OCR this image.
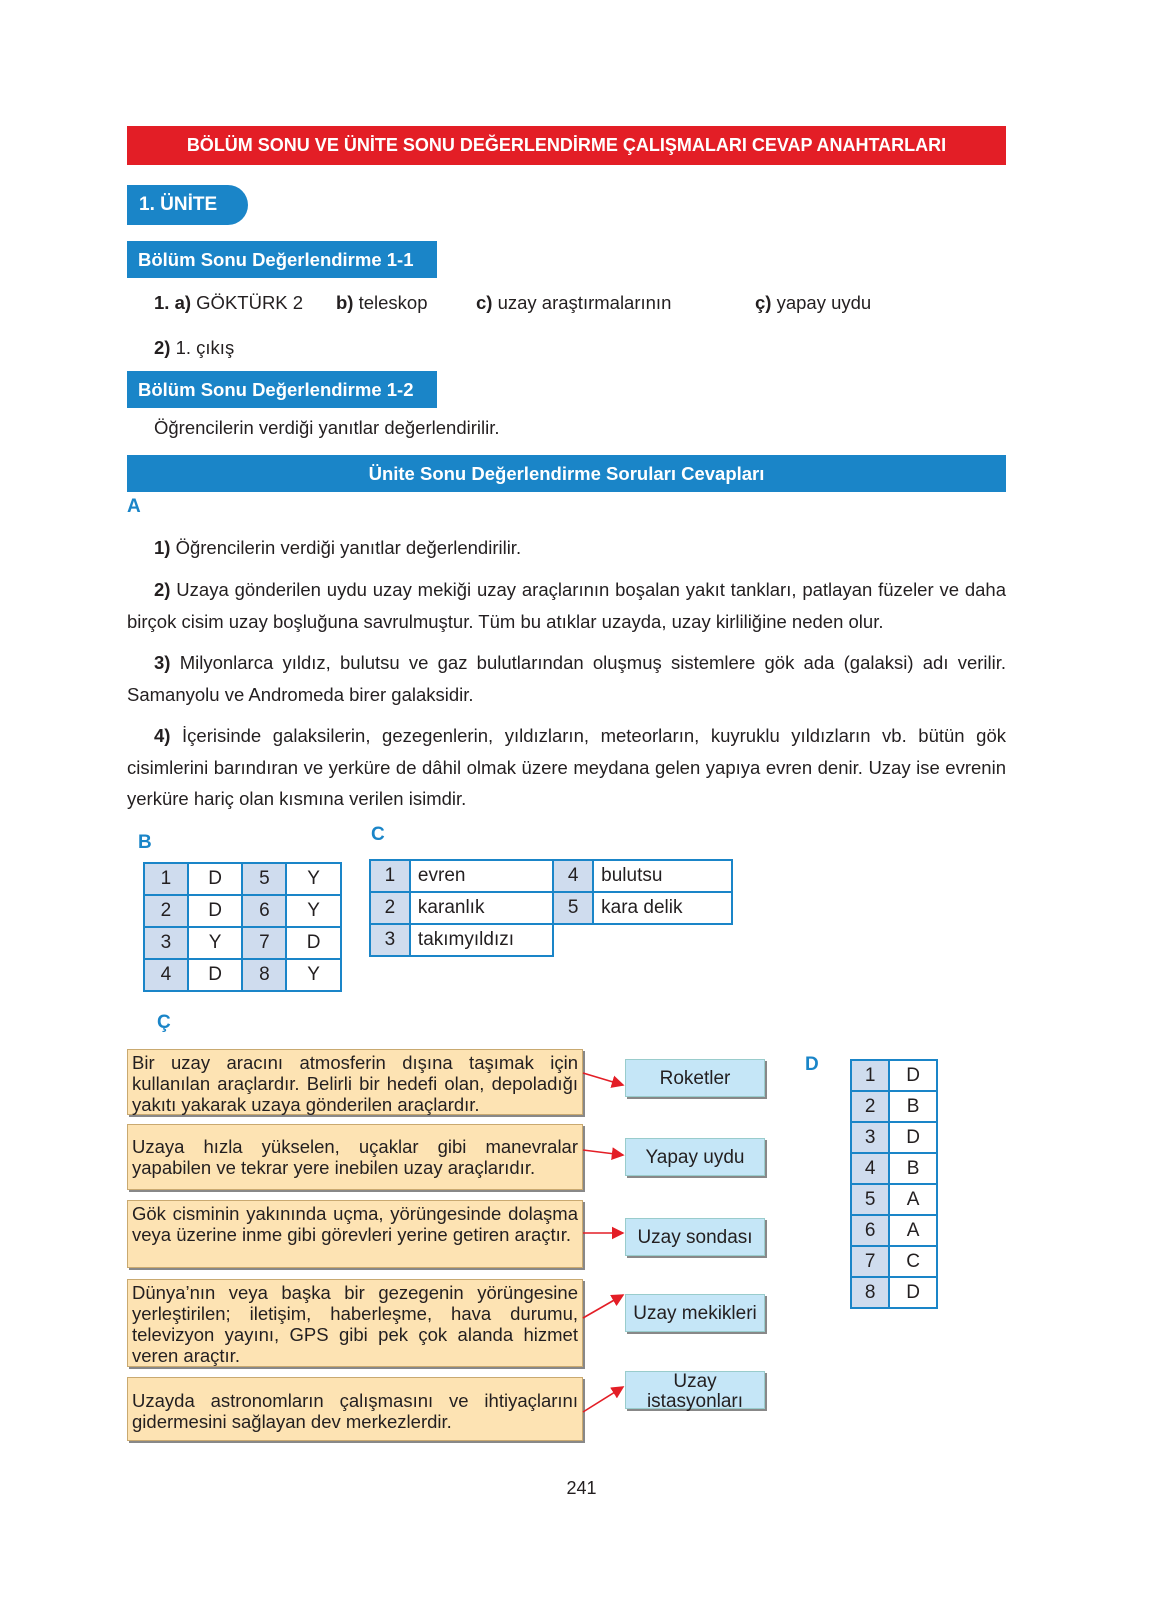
BÖLÜM SONU VE ÜNİTE SONU DEĞERLENDİRME ÇALIŞMALARI CEVAP ANAHTARLARI
1. ÜNİTE
Bölüm Sonu Değerlendirme 1-1
1. a) GÖKTÜRK 2 b) teleskop	c) uzay araştırmalarının	ç) yapay uydu
2) 1. çıkış
Bölüm Sonu Değerlendirme 1-2
Öğrencilerin verdiği yanıtlar değerlendirilir.
Ünite Sonu Değerlendirme Soruları Cevapları
A
1) Öğrencilerin verdiği yanıtlar değerlendirilir.
2) Uzaya gönderilen uydu uzay mekiği uzay araçlarının boşalan yakıt tankları, patlayan füzeler ve daha birçok cisim uzay boşluğuna savrulmuştur. Tüm bu atıklar uzayda, uzay kirliliğine neden olur.
3) Milyonlarca yıldız, bulutsu ve gaz bulutlarından oluşmuş sistemlere gök ada (galaksi) adı verilir. Samanyolu ve Andromeda birer galaksidir.
4) İçerisinde galaksilerin, gezegenlerin, yıldızların, meteorların, kuyruklu yıldızların vb. bütün gök cisimlerini barındıran ve yerküre de dâhil olmak üzere meydana gelen yapıya evren denir. Uzay ise evrenin yerküre hariç olan kısmına verilen isimdir.
B
1	D	5	Y
2	D	6	Y
3	Y	7	D
4	D	8	Y
C
1	evren	4	bulutsu
2	karanlık	5	kara delik
3	takımyıldızı		
Ç
Bir uzay aracını atmosferin dışına taşımak için kullanılan araçlardır. Belirli bir hedefi olan, depoladığı yakıtı yakarak uzaya gönderilen araçlardır.
Uzaya hızla yükselen, uçaklar gibi manevralar yapabilen ve tekrar yere inebilen uzay araçlarıdır.
Gök cisminin yakınında uçma, yörüngesinde dolaşma veya üzerine inme gibi görevleri yerine getiren araçtır.
Dünya’nın veya başka bir gezegenin yörüngesine yerleştirilen; iletişim, haberleşme, hava durumu, televizyon yayını, GPS gibi pek çok alanda hizmet veren araçtır.
Uzayda astronomların çalışmasını ve ihtiyaçlarını gidermesini sağlayan dev merkezlerdir.
Roketler
Yapay uydu
Uzay sondası
Uzay mekikleri
Uzay istasyonları
D 1	D
2	B
3	D
4	B
5	A
6	A
7	C
8	D
241
